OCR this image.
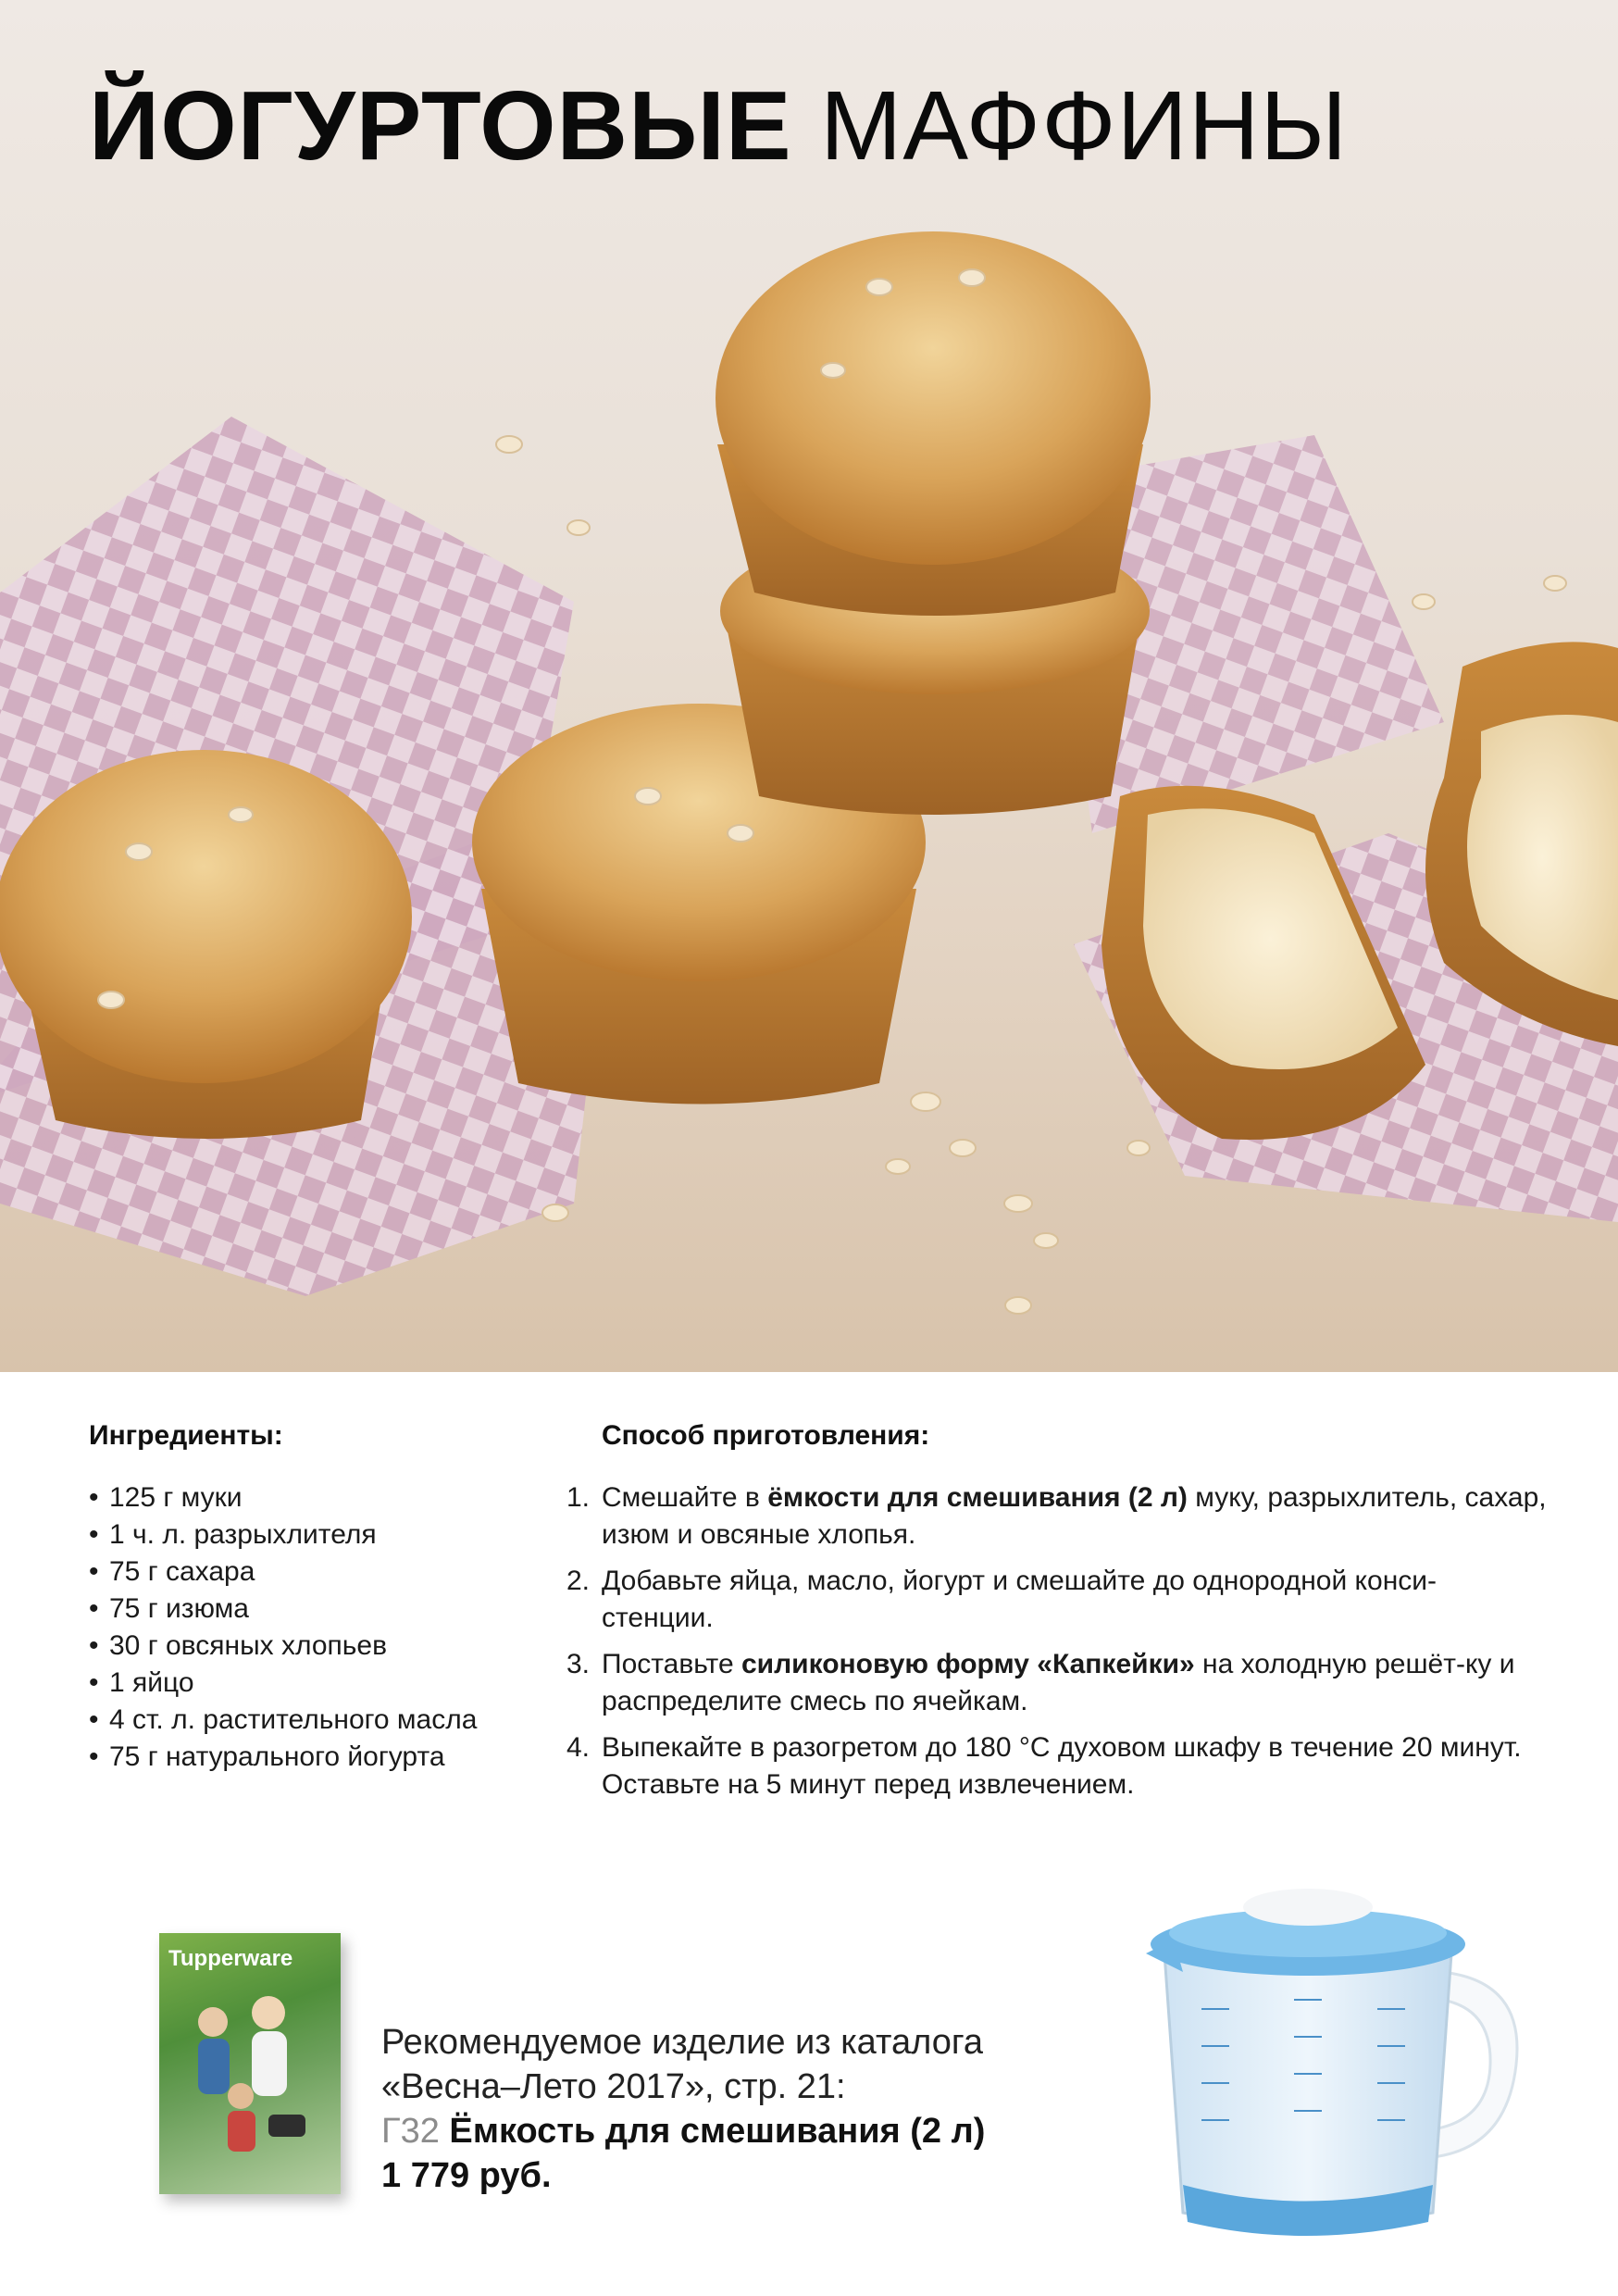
ЙОГУРТОВЫЕ МАФФИНЫ
Ингредиенты:
• 125 г муки
• 1 ч. л. разрыхлителя
• 75 г сахара
• 75 г изюма
• 30 г овсяных хлопьев
• 1 яйцо
• 4 ст. л. растительного масла
• 75 г натурального йогурта
Способ приготовления:
1. Смешайте в ёмкости для смешивания (2 л) муку, разрыхлитель, сахар, изюм и овсяные хлопья.
2. Добавьте яйца, масло, йогурт и смешайте до однородной конси-стенции.
3. Поставьте силиконовую форму «Капкейки» на холодную решёт-ку и распределите смесь по ячейкам.
4. Выпекайте в разогретом до 180 °C духовом шкафу в течение 20 минут. Оставьте на 5 минут перед извлечением.
Tupperware
Рекомендуемое изделие из каталога
«Весна–Лето 2017», стр. 21:
Г32 Ёмкость для смешивания (2 л)
1 779 руб.
